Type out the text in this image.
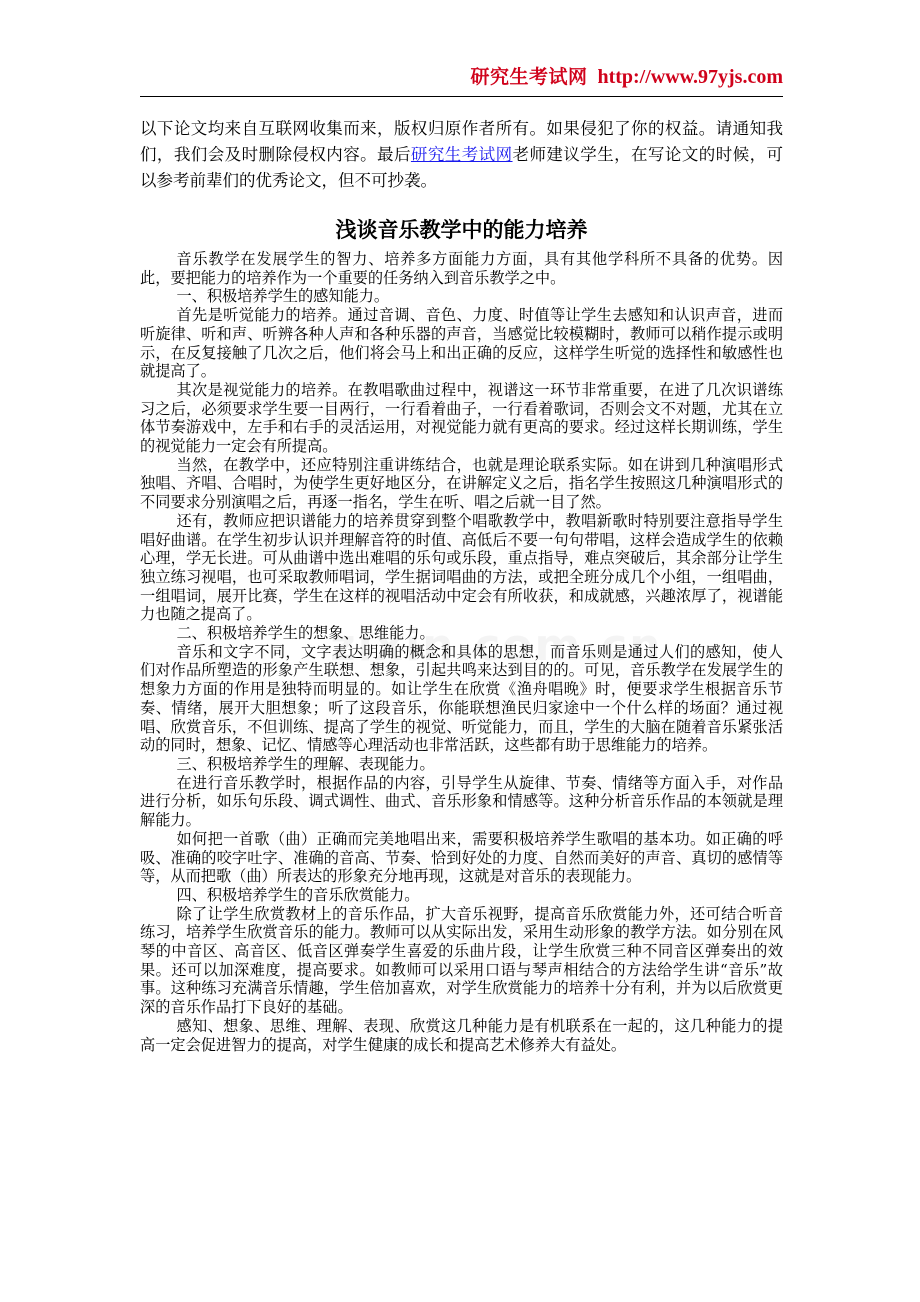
研究生考试网 http://www.97yjs.com

以下论文均来自互联网收集而来，版权归原作者所有。如果侵犯了你的权益。请通知我们，我们会及时删除侵权内容。最后研究生考试网老师建议学生，在写论文的时候，可以参考前辈们的优秀论文，但不可抄袭。

浅谈音乐教学中的能力培养

音乐教学在发展学生的智力、培养多方面能力方面，具有其他学科所不具备的优势。因此，要把能力的培养作为一个重要的任务纳入到音乐教学之中。

一、积极培养学生的感知能力。

首先是听觉能力的培养。通过音调、音色、力度、时值等让学生去感知和认识声音，进而听旋律、听和声、听辨各种人声和各种乐器的声音，当感觉比较模糊时，教师可以稍作提示或明示，在反复接触了几次之后，他们将会马上和出正确的反应，这样学生听觉的选择性和敏感性也就提高了。

其次是视觉能力的培养。在教唱歌曲过程中，视谱这一环节非常重要，在进了几次识谱练习之后，必须要求学生要一目两行，一行看着曲子，一行看着歌词，否则会文不对题，尤其在立体节奏游戏中，左手和右手的灵活运用，对视觉能力就有更高的要求。经过这样长期训练，学生的视觉能力一定会有所提高。

当然，在教学中，还应特别注重讲练结合，也就是理论联系实际。如在讲到几种演唱形式独唱、齐唱、合唱时，为使学生更好地区分，在讲解定义之后，指名学生按照这几种演唱形式的不同要求分别演唱之后，再逐一指名，学生在听、唱之后就一目了然。

还有，教师应把识谱能力的培养贯穿到整个唱歌教学中，教唱新歌时特别要注意指导学生唱好曲谱。在学生初步认识并理解音符的时值、高低后不要一句句带唱，这样会造成学生的依赖心理，学无长进。可从曲谱中选出难唱的乐句或乐段，重点指导，难点突破后，其余部分让学生独立练习视唱，也可采取教师唱词，学生据词唱曲的方法，或把全班分成几个小组，一组唱曲，一组唱词，展开比赛，学生在这样的视唱活动中定会有所收获，和成就感，兴趣浓厚了，视谱能力也随之提高了。

二、积极培养学生的想象、思维能力。

音乐和文字不同，文字表达明确的概念和具体的思想，而音乐则是通过人们的感知，使人们对作品所塑造的形象产生联想、想象，引起共鸣来达到目的的。可见，音乐教学在发展学生的想象力方面的作用是独特而明显的。如让学生在欣赏《渔舟唱晚》时，便要求学生根据音乐节奏、情绪，展开大胆想象；听了这段音乐，你能联想渔民归家途中一个什么样的场面？通过视唱、欣赏音乐，不但训练、提高了学生的视觉、听觉能力，而且，学生的大脑在随着音乐紧张活动的同时，想象、记忆、情感等心理活动也非常活跃，这些都有助于思维能力的培养。

三、积极培养学生的理解、表现能力。

在进行音乐教学时，根据作品的内容，引导学生从旋律、节奏、情绪等方面入手，对作品进行分析，如乐句乐段、调式调性、曲式、音乐形象和情感等。这种分析音乐作品的本领就是理解能力。

如何把一首歌（曲）正确而完美地唱出来，需要积极培养学生歌唱的基本功。如正确的呼吸、准确的咬字吐字、准确的音高、节奏、恰到好处的力度、自然而美好的声音、真切的感情等等，从而把歌（曲）所表达的形象充分地再现，这就是对音乐的表现能力。

四、积极培养学生的音乐欣赏能力。

除了让学生欣赏教材上的音乐作品，扩大音乐视野，提高音乐欣赏能力外，还可结合听音练习，培养学生欣赏音乐的能力。教师可以从实际出发，采用生动形象的教学方法。如分别在风琴的中音区、高音区、低音区弹奏学生喜爱的乐曲片段，让学生欣赏三种不同音区弹奏出的效果。还可以加深难度，提高要求。如教师可以采用口语与琴声相结合的方法给学生讲“音乐”故事。这种练习充满音乐情趣，学生倍加喜欢，对学生欣赏能力的培养十分有利，并为以后欣赏更深的音乐作品打下良好的基础。

感知、想象、思维、理解、表现、欣赏这几种能力是有机联系在一起的，这几种能力的提高一定会促进智力的提高，对学生健康的成长和提高艺术修养大有益处。
